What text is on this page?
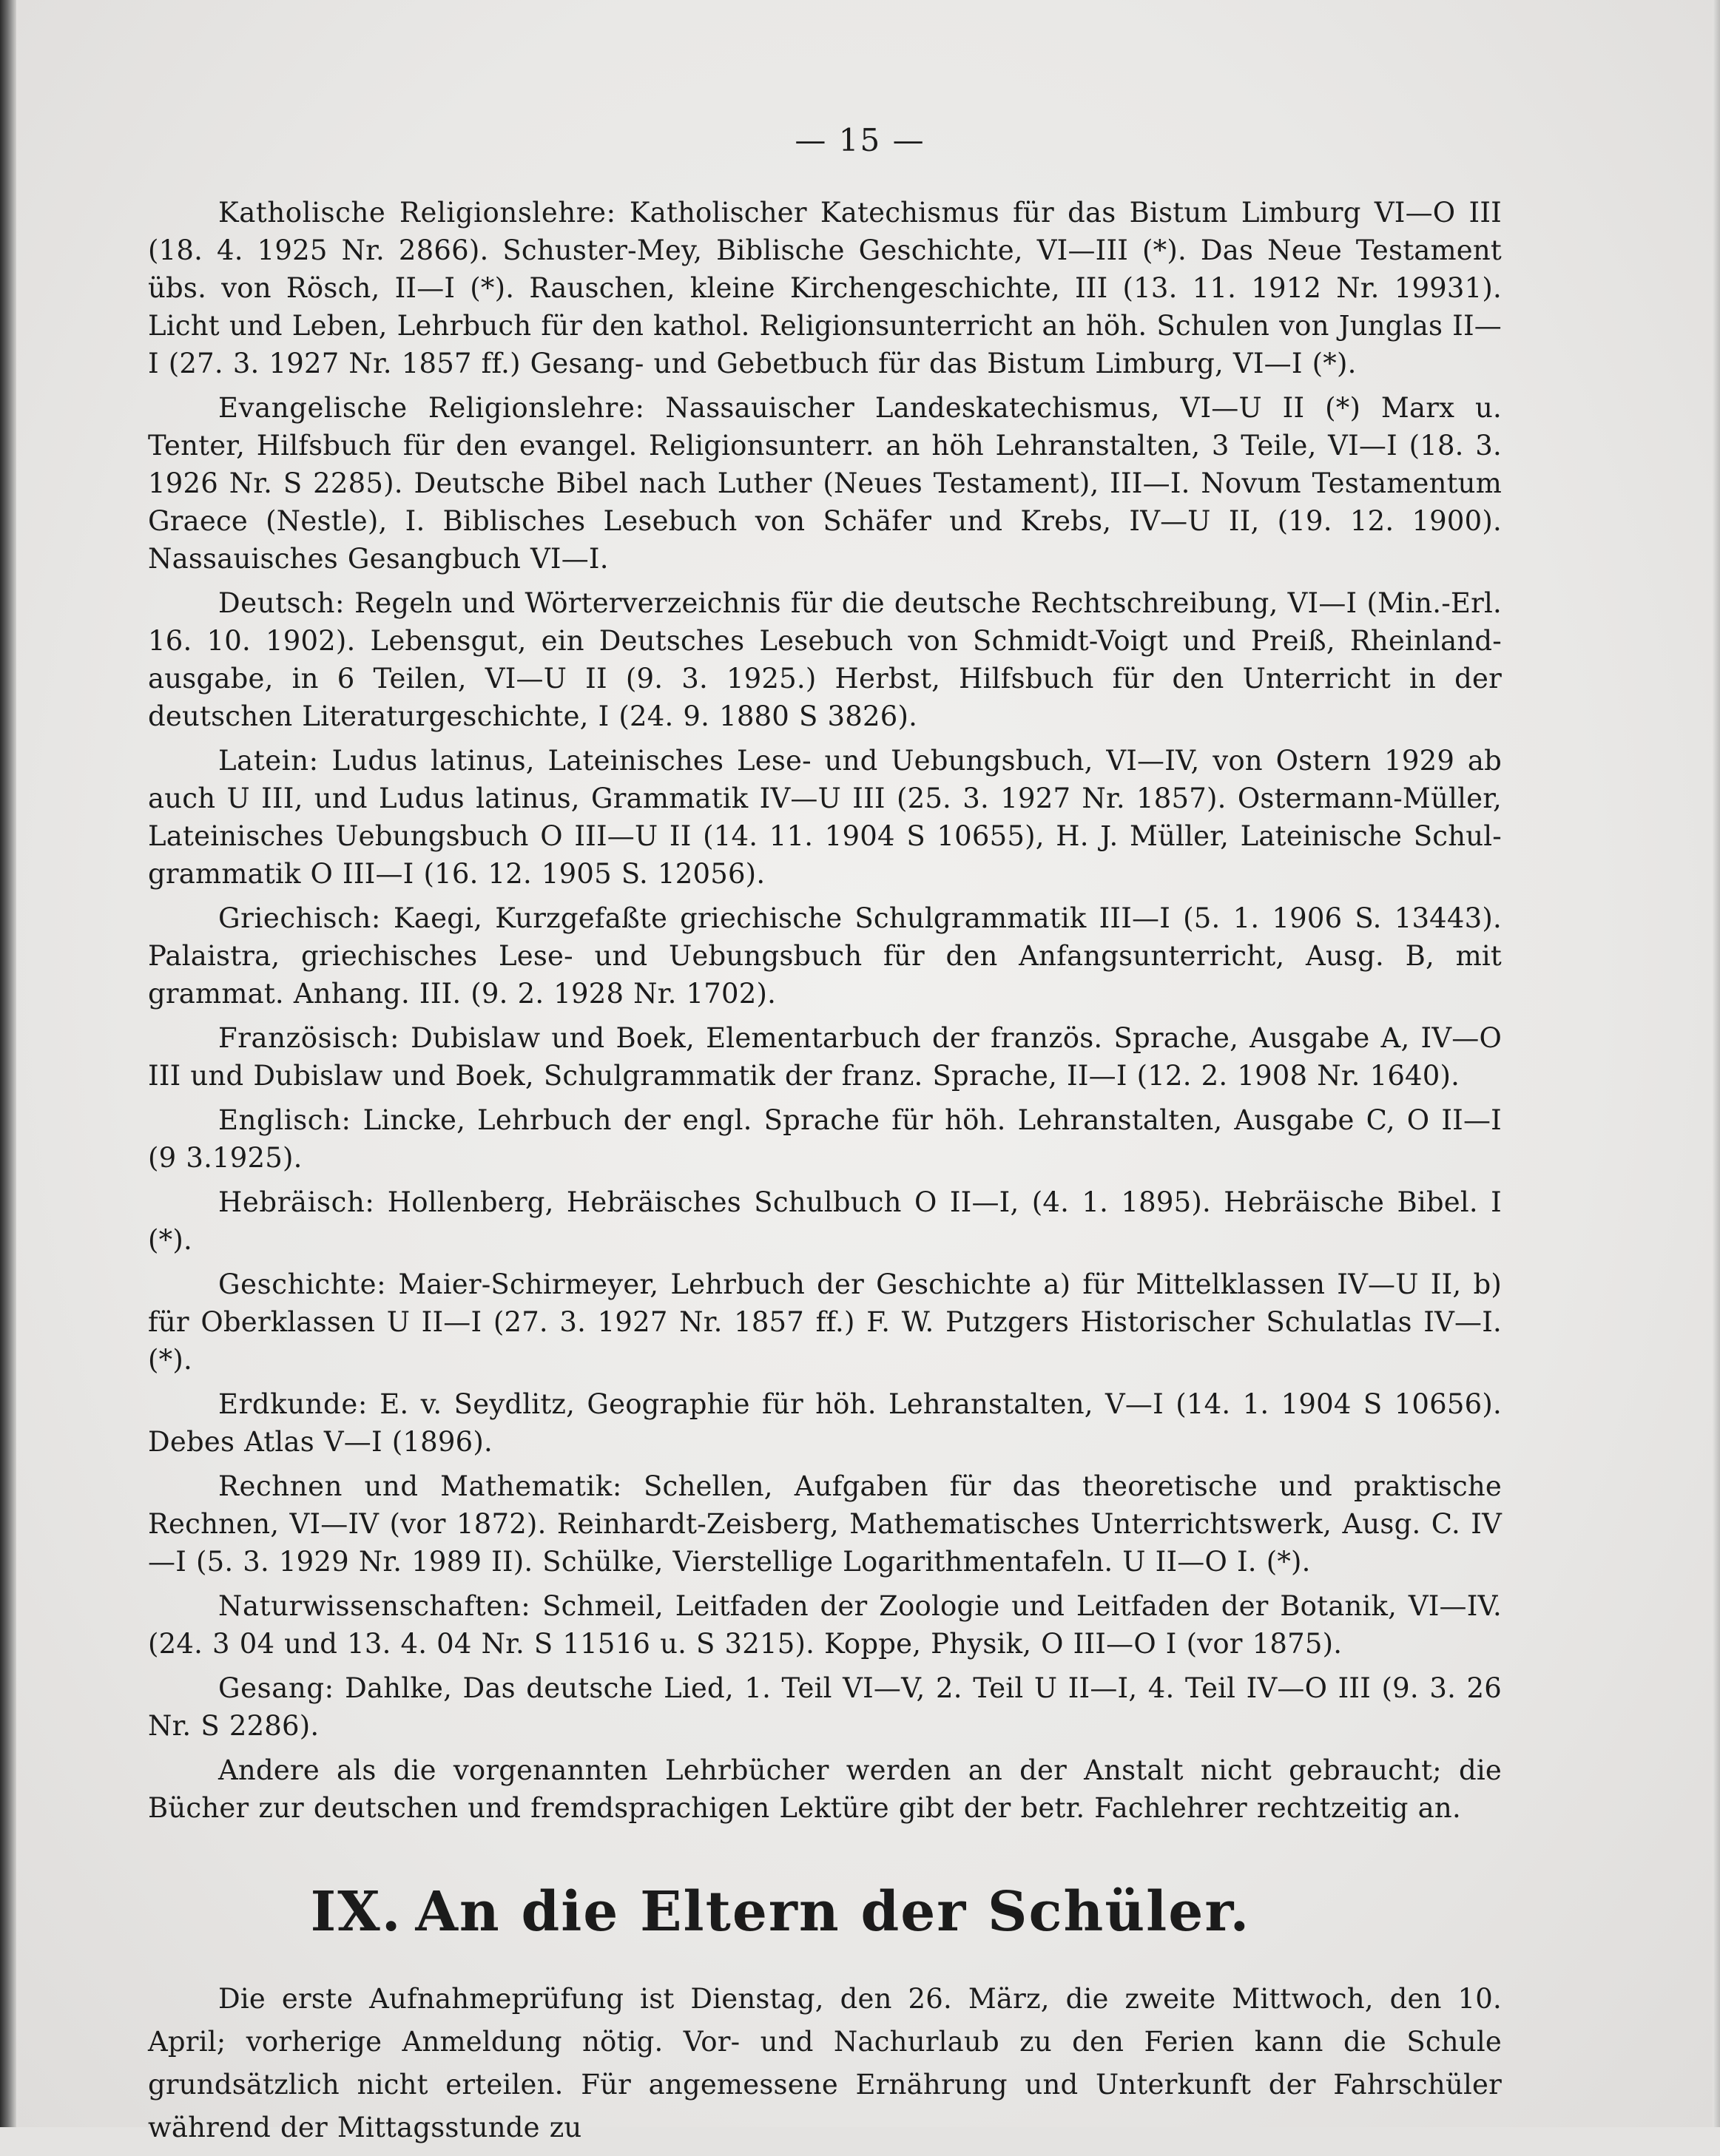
— 15 —

Katholische Religionslehre: Katholischer Katechismus für das Bistum Limburg VI—O III (18. 4. 1925 Nr. 2866). Schuster-Mey, Biblische Geschichte, VI—III (*). Das Neue Testament übs. von Rösch, II—I (*). Rauschen, kleine Kirchengeschichte, III (13. 11. 1912 Nr. 19931). Licht und Leben, Lehrbuch für den kathol. Religionsunterricht an höh. Schulen von Junglas II—I (27. 3. 1927 Nr. 1857 ff.) Gesang- und Gebetbuch für das Bistum Limburg, VI—I (*).

Evangelische Religionslehre: Nassauischer Landeskatechismus, VI—U II (*) Marx u. Tenter, Hilfsbuch für den evangel. Religionsunterr. an höh Lehranstalten, 3 Teile, VI—I (18. 3. 1926 Nr. S 2285). Deutsche Bibel nach Luther (Neues Testament), III—I. Novum Testamentum Graece (Nestle), I. Biblisches Lesebuch von Schäfer und Krebs, IV—U II, (19. 12. 1900). Nassauisches Gesangbuch VI—I.

Deutsch: Regeln und Wörterverzeichnis für die deutsche Rechtschreibung, VI—I (Min.-Erl. 16. 10. 1902). Lebensgut, ein Deutsches Lesebuch von Schmidt-Voigt und Preiß, Rheinland-ausgabe, in 6 Teilen, VI—U II (9. 3. 1925.) Herbst, Hilfsbuch für den Unterricht in der deutschen Literaturgeschichte, I (24. 9. 1880 S 3826).

Latein: Ludus latinus, Lateinisches Lese- und Uebungsbuch, VI—IV, von Ostern 1929 ab auch U III, und Ludus latinus, Grammatik IV—U III (25. 3. 1927 Nr. 1857). Ostermann-Müller, Lateinisches Uebungsbuch O III—U II (14. 11. 1904 S 10655), H. J. Müller, Lateinische Schul-grammatik O III—I (16. 12. 1905 S. 12056).

Griechisch: Kaegi, Kurzgefaßte griechische Schulgrammatik III—I (5. 1. 1906 S. 13443). Palaistra, griechisches Lese- und Uebungsbuch für den Anfangsunterricht, Ausg. B, mit grammat. Anhang. III. (9. 2. 1928 Nr. 1702).

Französisch: Dubislaw und Boek, Elementarbuch der französ. Sprache, Ausgabe A, IV—O III und Dubislaw und Boek, Schulgrammatik der franz. Sprache, II—I (12. 2. 1908 Nr. 1640).

Englisch: Lincke, Lehrbuch der engl. Sprache für höh. Lehranstalten, Ausgabe C, O II—I (9 3.1925).

Hebräisch: Hollenberg, Hebräisches Schulbuch O II—I, (4. 1. 1895). Hebräische Bibel. I (*).

Geschichte: Maier-Schirmeyer, Lehrbuch der Geschichte a) für Mittelklassen IV—U II, b) für Oberklassen U II—I (27. 3. 1927 Nr. 1857 ff.) F. W. Putzgers Historischer Schulatlas IV—I. (*).

Erdkunde: E. v. Seydlitz, Geographie für höh. Lehranstalten, V—I (14. 1. 1904 S 10656). Debes Atlas V—I (1896).

Rechnen und Mathematik: Schellen, Aufgaben für das theoretische und praktische Rechnen, VI—IV (vor 1872). Reinhardt-Zeisberg, Mathematisches Unterrichtswerk, Ausg. C. IV—I (5. 3. 1929 Nr. 1989 II). Schülke, Vierstellige Logarithmentafeln. U II—O I. (*).

Naturwissenschaften: Schmeil, Leitfaden der Zoologie und Leitfaden der Botanik, VI—IV. (24. 3 04 und 13. 4. 04 Nr. S 11516 u. S 3215). Koppe, Physik, O III—O I (vor 1875).

Gesang: Dahlke, Das deutsche Lied, 1. Teil VI—V, 2. Teil U II—I, 4. Teil IV—O III (9. 3. 26 Nr. S 2286).

Andere als die vorgenannten Lehrbücher werden an der Anstalt nicht gebraucht; die Bücher zur deutschen und fremdsprachigen Lektüre gibt der betr. Fachlehrer rechtzeitig an.

IX. An die Eltern der Schüler.

Die erste Aufnahmeprüfung ist Dienstag, den 26. März, die zweite Mittwoch, den 10. April; vorherige Anmeldung nötig. Vor- und Nachurlaub zu den Ferien kann die Schule grundsätzlich nicht erteilen. Für angemessene Ernährung und Unterkunft der Fahrschüler während der Mittagsstunde zu
